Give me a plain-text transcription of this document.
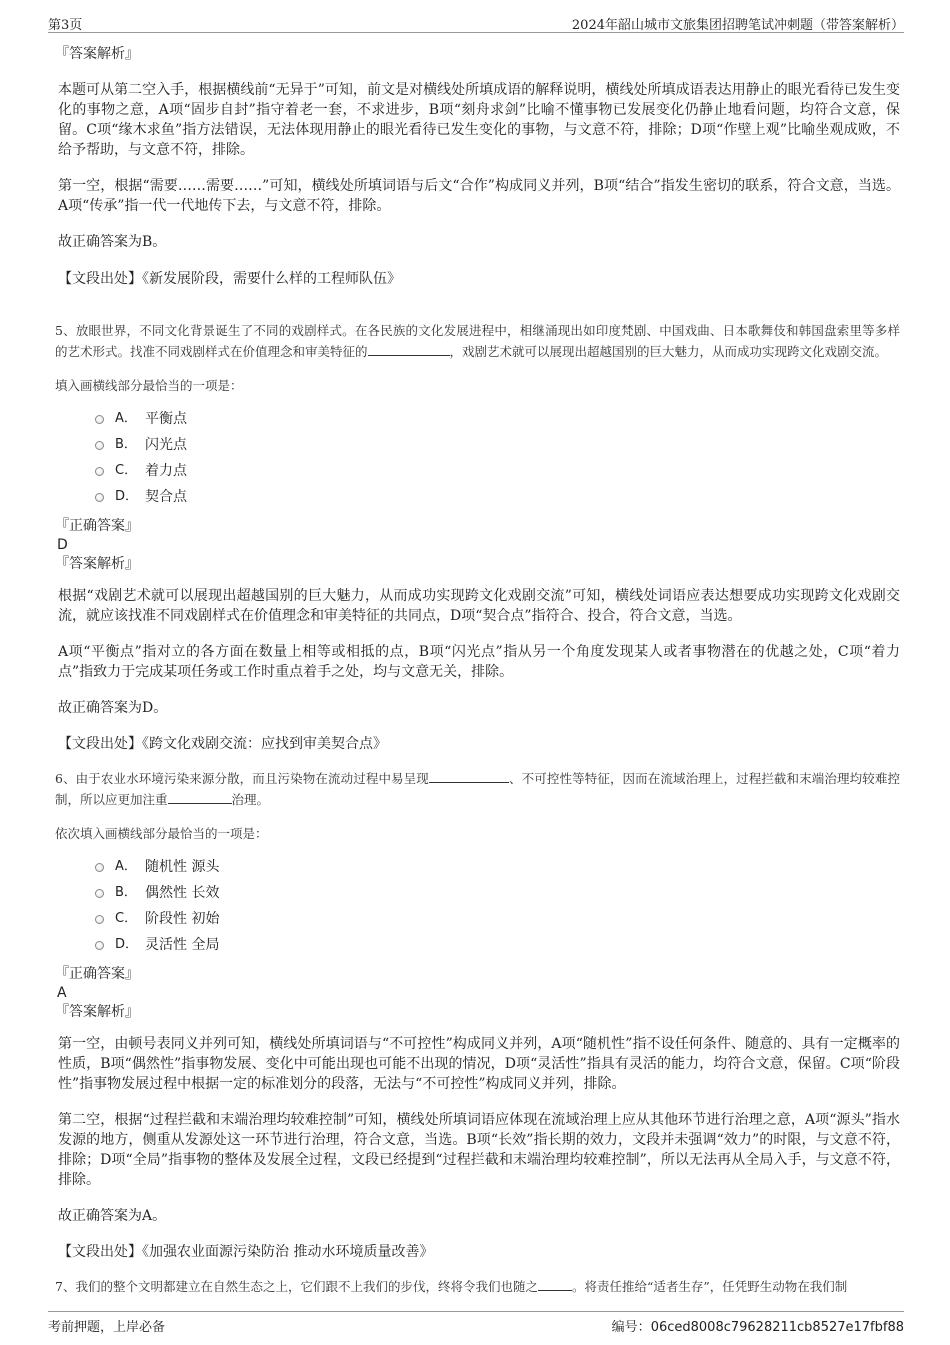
第3页	2024年韶山城市文旅集团招聘笔试冲刺题（带答案解析）

『答案解析』

本题可从第二空入手，根据横线前“无异于”可知，前文是对横线处所填成语的解释说明，横线处所填成语表达用静止的眼光看待已发生变化的事物之意，A项“固步自封”指守着老一套，不求进步，B项“刻舟求剑”比喻不懂事物已发展变化仍静止地看问题，均符合文意，保留。C项“缘木求鱼”指方法错误，无法体现用静止的眼光看待已发生变化的事物，与文意不符，排除；D项“作壁上观”比喻坐观成败，不给予帮助，与文意不符，排除。

第一空，根据“需要……需要……”可知，横线处所填词语与后文“合作”构成同义并列，B项“结合”指发生密切的联系，符合文意，当选。A项“传承”指一代一代地传下去，与文意不符，排除。

故正确答案为B。

【文段出处】《新发展阶段，需要什么样的工程师队伍》

5、放眼世界，不同文化背景诞生了不同的戏剧样式。在各民族的文化发展进程中，相继涌现出如印度梵剧、中国戏曲、日本歌舞伎和韩国盘索里等多样的艺术形式。找准不同戏剧样式在价值理念和审美特征的	，戏剧艺术就可以展现出超越国别的巨大魅力，从而成功实现跨文化戏剧交流。
填入画横线部分最恰当的一项是：
A． 平衡点
B． 闪光点
C． 着力点
D． 契合点

『正确答案』

D

『答案解析』

根据“戏剧艺术就可以展现出超越国别的巨大魅力，从而成功实现跨文化戏剧交流”可知，横线处词语应表达想要成功实现跨文化戏剧交流，就应该找准不同戏剧样式在价值理念和审美特征的共同点，D项“契合点”指符合、投合，符合文意，当选。

A项“平衡点”指对立的各方面在数量上相等或相抵的点，B项“闪光点”指从另一个角度发现某人或者事物潜在的优越之处，C项“着力点”指致力于完成某项任务或工作时重点着手之处，均与文意无关，排除。

故正确答案为D。

【文段出处】《跨文化戏剧交流：应找到审美契合点》

6、由于农业水环境污染来源分散，而且污染物在流动过程中易呈现	、不可控性等特征，因而在流域治理上，过程拦截和末端治理均较难控制，所以应更加注重	治理。
依次填入画横线部分最恰当的一项是：
A． 随机性 源头
B． 偶然性 长效
C． 阶段性 初始
D． 灵活性 全局

『正确答案』

A

『答案解析』

第一空，由顿号表同义并列可知，横线处所填词语与“不可控性”构成同义并列，A项“随机性”指不设任何条件、随意的、具有一定概率的性质，B项“偶然性”指事物发展、变化中可能出现也可能不出现的情况，D项“灵活性”指具有灵活的能力，均符合文意，保留。C项“阶段性”指事物发展过程中根据一定的标准划分的段落，无法与“不可控性”构成同义并列，排除。

第二空，根据“过程拦截和末端治理均较难控制”可知，横线处所填词语应体现在流域治理上应从其他环节进行治理之意，A项“源头”指水发源的地方，侧重从发源处这一环节进行治理，符合文意，当选。B项“长效”指长期的效力，文段并未强调“效力”的时限，与文意不符，排除；D项“全局”指事物的整体及发展全过程，文段已经提到“过程拦截和末端治理均较难控制”，所以无法再从全局入手，与文意不符，排除。

故正确答案为A。

【文段出处】《加强农业面源污染防治 推动水环境质量改善》

7、我们的整个文明都建立在自然生态之上，它们跟不上我们的步伐，终将令我们也随之	。将责任推给“适者生存”，任凭野生动物在我们制
考前押题，上岸必备	编号：06ced8008c79628211cb8527e17fbf88
